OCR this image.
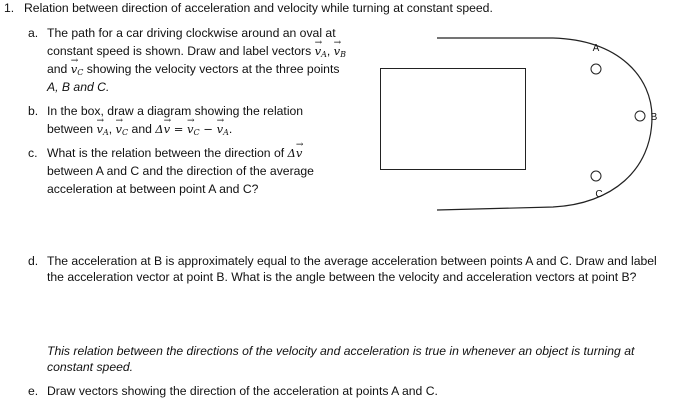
1. Relation between direction of acceleration and velocity while turning at constant speed.
a. The path for a car driving clockwise around an oval at
constant speed is shown. Draw and label vectors → $v_A$, → $v_B$
and → $v_C$ showing the velocity vectors at the three points
A, B and C.
b. In the box, draw a diagram showing the relation
between → $v_A$, → $v_C$ and Δ→ v = → $v_C$ − → $v_A$.
c. What is the relation between the direction of Δ→ v
between A and C and the direction of the average
acceleration at between point A and C?
A
B
C
d. The acceleration at B is approximately equal to the average acceleration between points A and C. Draw and label
the acceleration vector at point B. What is the angle between the velocity and acceleration vectors at point B?
This relation between the directions of the velocity and acceleration is true in whenever an object is turning at
constant speed.
e. Draw vectors showing the direction of the acceleration at points A and C.
